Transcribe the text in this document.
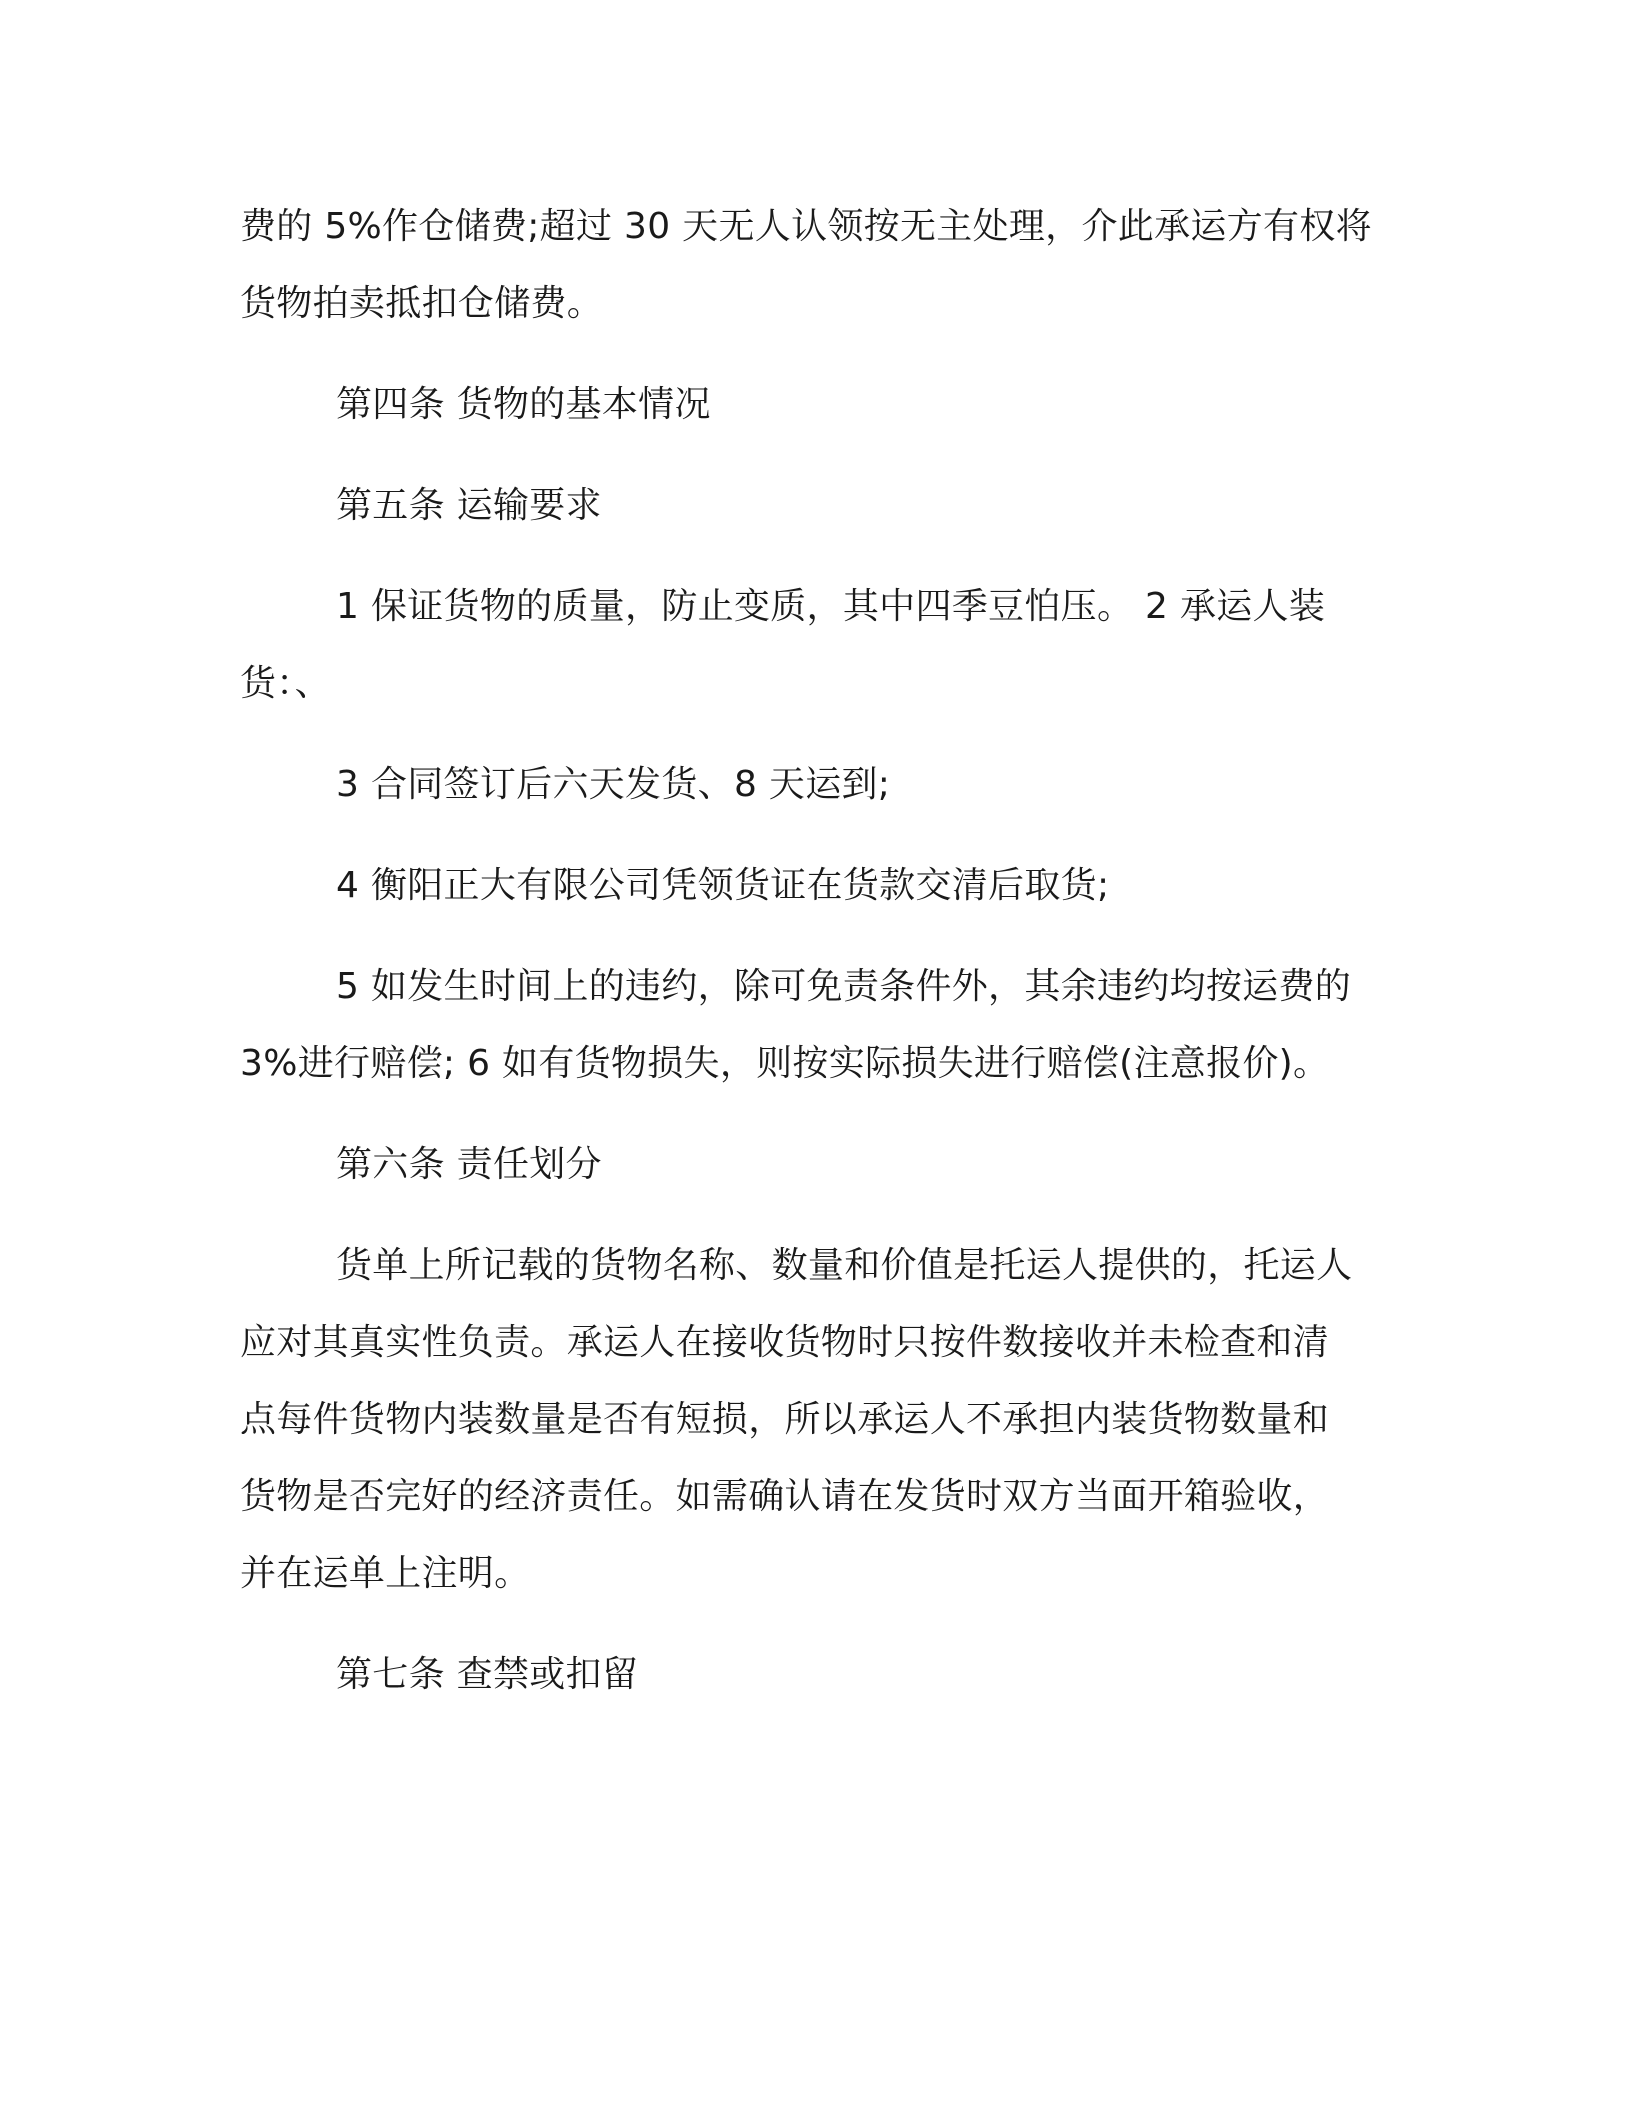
费的 5%作仓储费;超过 30 天无人认领按无主处理，介此承运方有权将
货物拍卖抵扣仓储费。
第四条 货物的基本情况
第五条 运输要求
1 保证货物的质量，防止变质，其中四季豆怕压。 2 承运人装
货：、
3 合同签订后六天发货、8 天运到;
4 衡阳正大有限公司凭领货证在货款交清后取货;
5 如发生时间上的违约，除可免责条件外，其余违约均按运费的
3%进行赔偿; 6 如有货物损失，则按实际损失进行赔偿(注意报价)。
第六条 责任划分
货单上所记载的货物名称、数量和价值是托运人提供的，托运人
应对其真实性负责。承运人在接收货物时只按件数接收并未检查和清
点每件货物内装数量是否有短损，所以承运人不承担内装货物数量和
货物是否完好的经济责任。如需确认请在发货时双方当面开箱验收，
并在运单上注明。
第七条 查禁或扣留
